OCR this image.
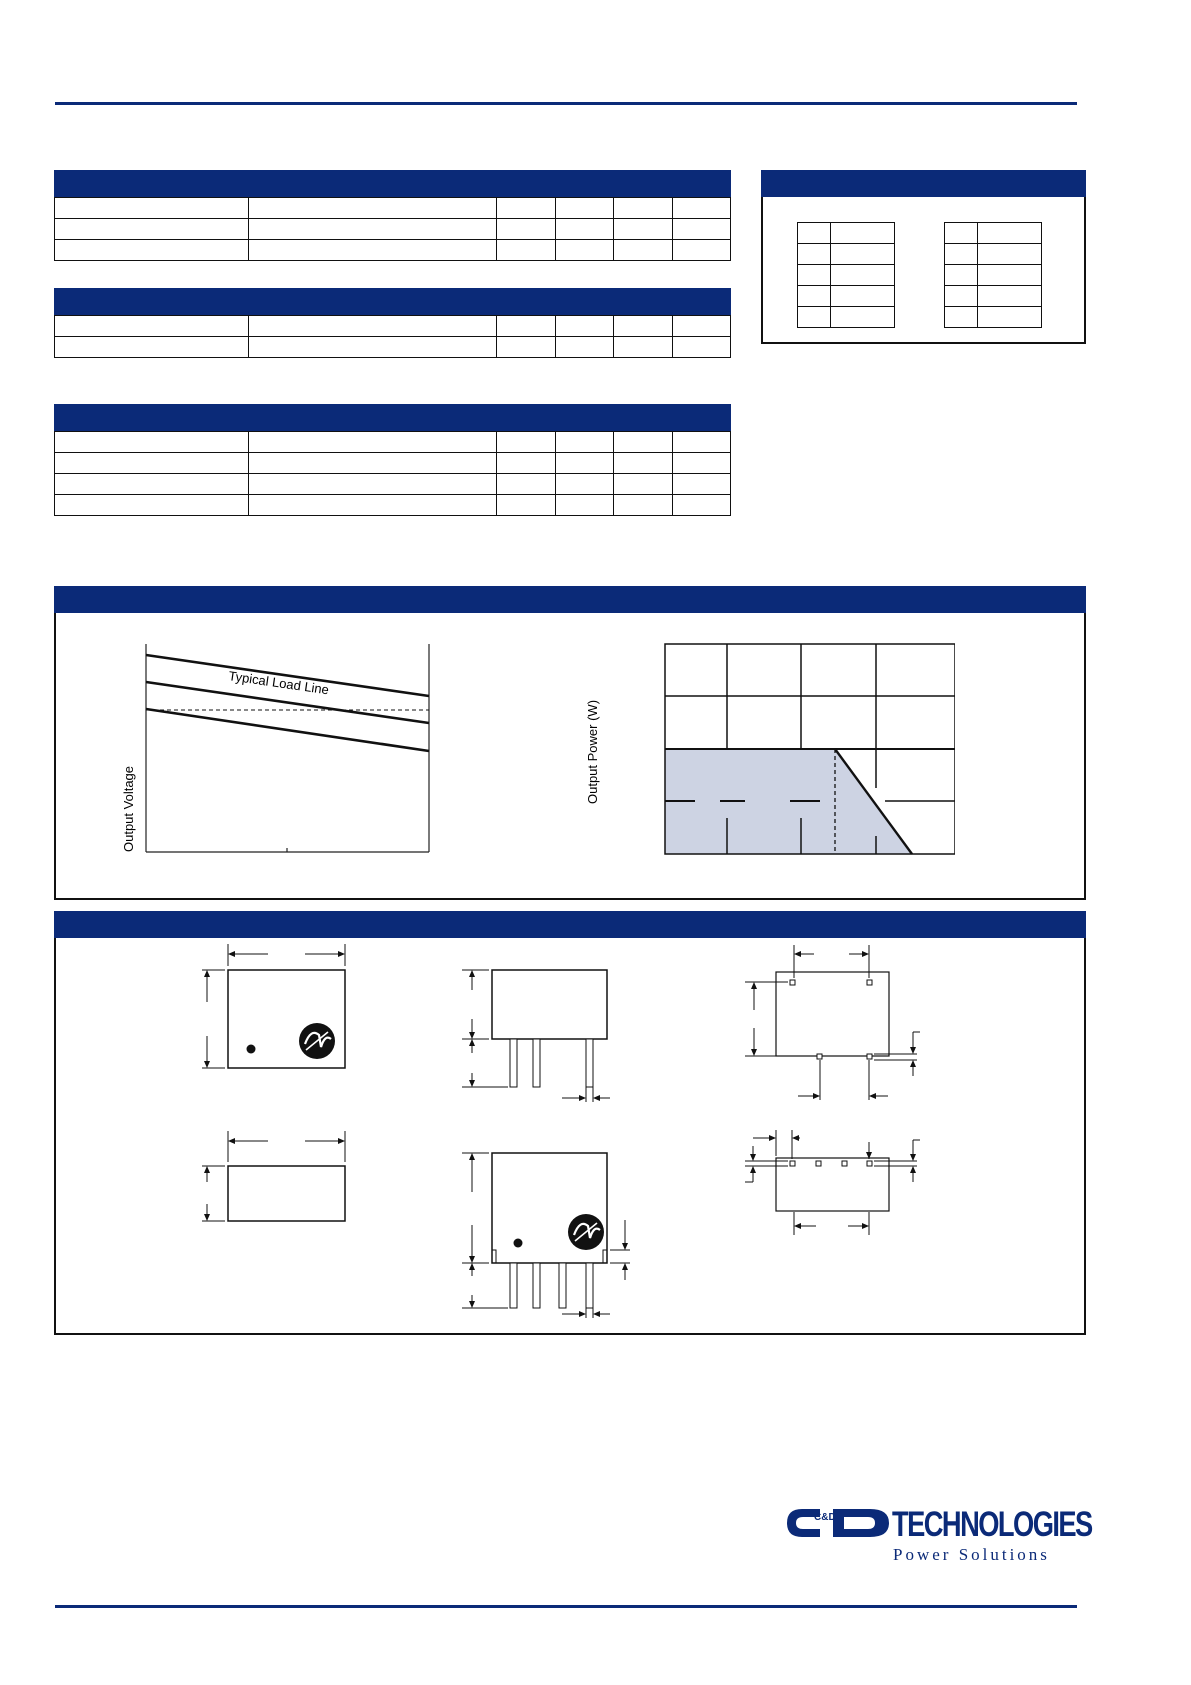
Typical Load Line
Output Voltage
Output Power (W)
C&D TECHNOLOGIES
Power Solutions
